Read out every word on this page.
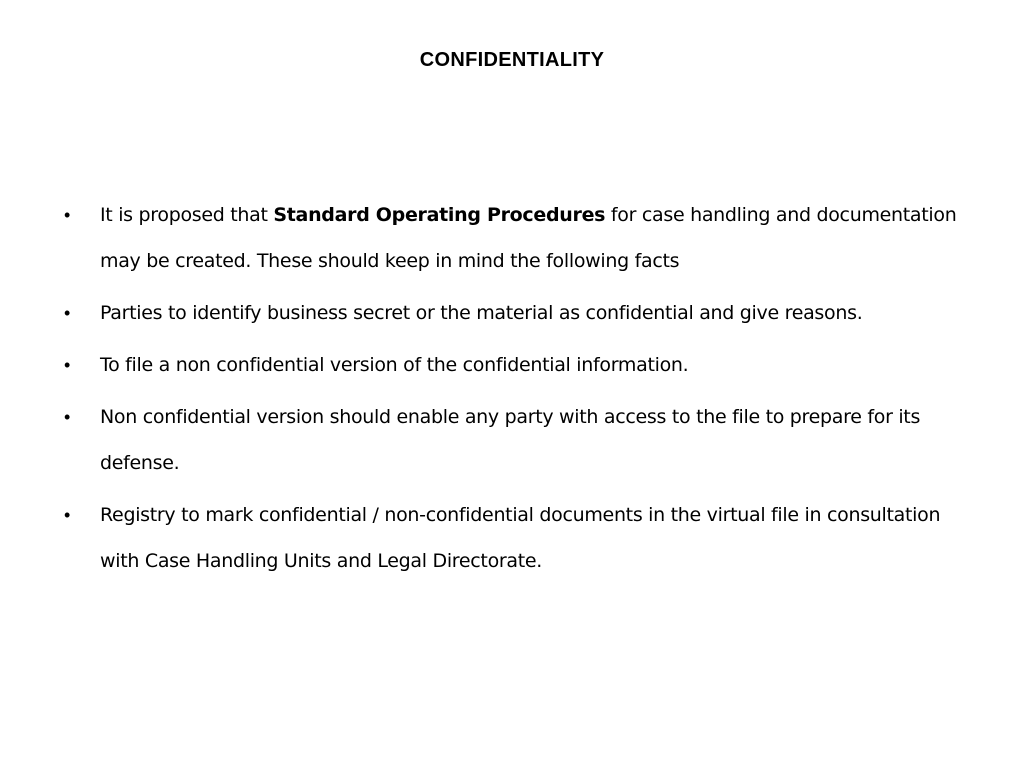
CONFIDENTIALITY
• It is proposed that Standard Operating Procedures for case handling and documentation may be created. These should keep in mind the following facts
• Parties to identify business secret or the material as confidential and give reasons.
• To file a non confidential version of the confidential information.
• Non confidential version should enable any party with access to the file to prepare for its defense.
• Registry to mark confidential / non-confidential documents in the virtual file in consultation with Case Handling Units and Legal Directorate.
